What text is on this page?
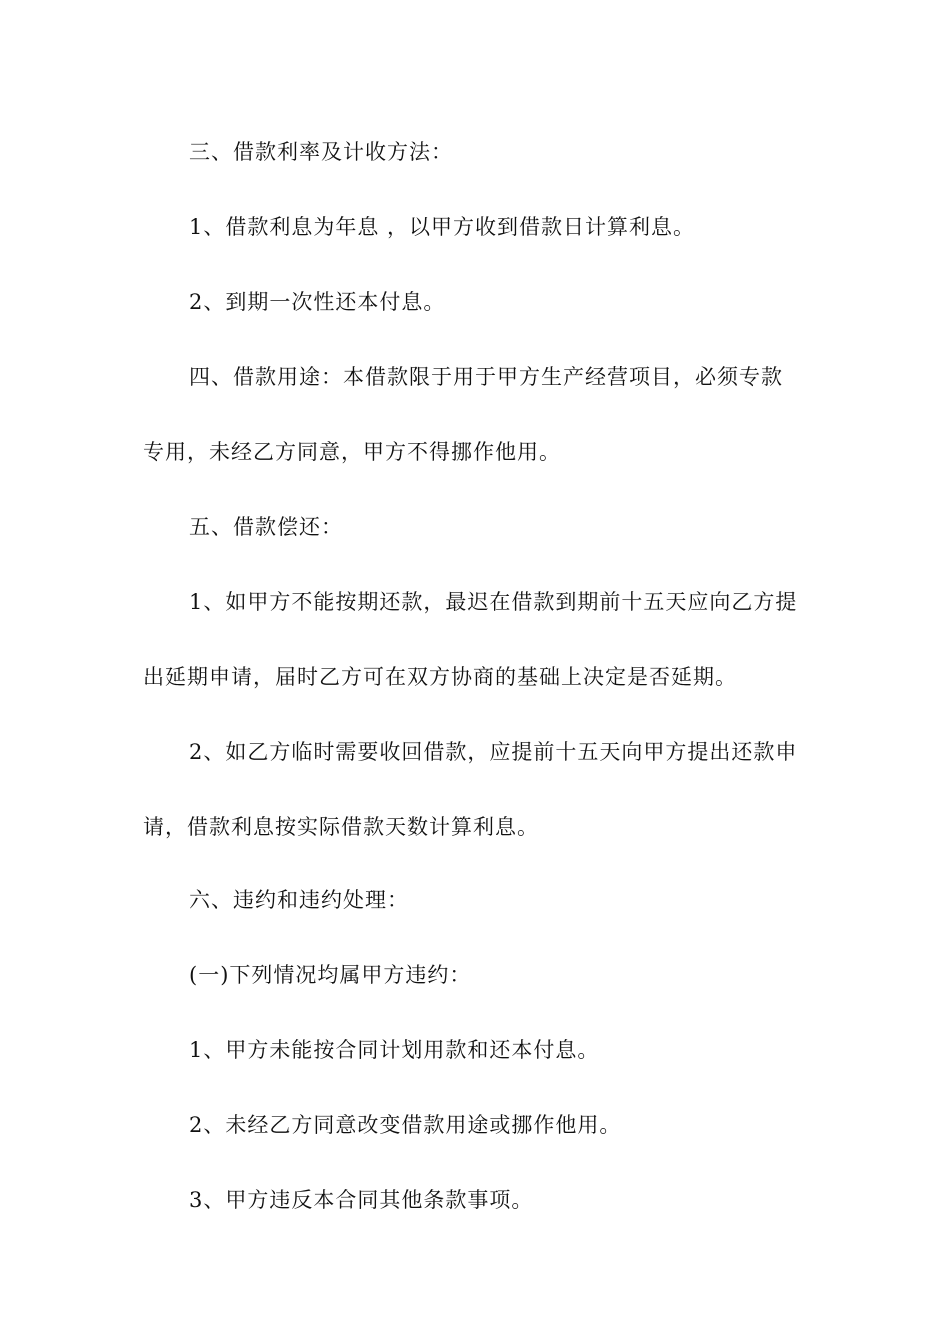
三、借款利率及计收方法：
1、借款利息为年息 ，以甲方收到借款日计算利息。
2、到期一次性还本付息。
四、借款用途：本借款限于用于甲方生产经营项目，必须专款
专用，未经乙方同意，甲方不得挪作他用。
五、借款偿还：
1、如甲方不能按期还款，最迟在借款到期前十五天应向乙方提
出延期申请，届时乙方可在双方协商的基础上决定是否延期。
2、如乙方临时需要收回借款，应提前十五天向甲方提出还款申
请，借款利息按实际借款天数计算利息。
六、违约和违约处理：
(一)下列情况均属甲方违约：
1、甲方未能按合同计划用款和还本付息。
2、未经乙方同意改变借款用途或挪作他用。
3、甲方违反本合同其他条款事项。
